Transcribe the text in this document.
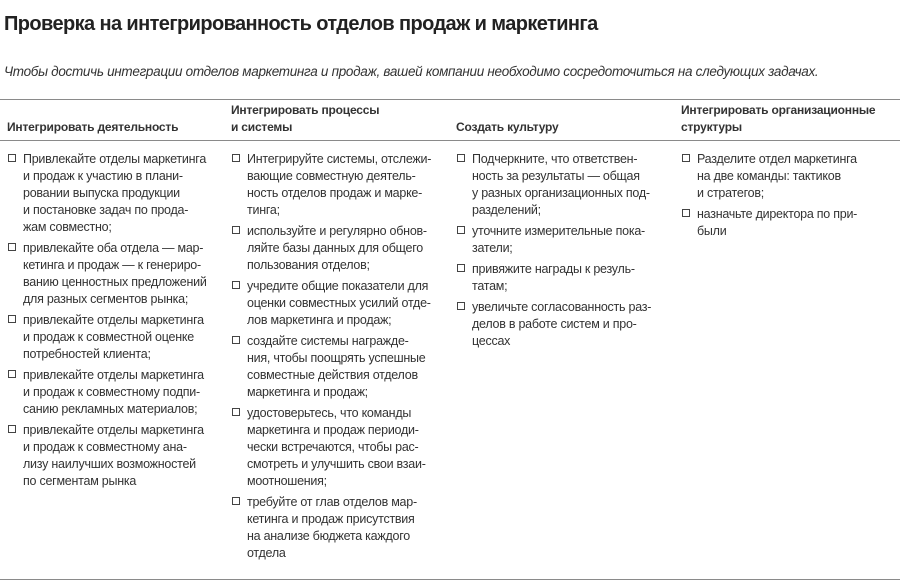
Проверка на интегрированность отделов продаж и маркетинга
Чтобы достичь интеграции отделов маркетинга и продаж, вашей компании необходимо сосредоточиться на следующих задачах.
Интегрировать деятельность
Интегрировать процессы
и системы	Создать культуру
Интегрировать организационные
структуры
Привлекайте отделы маркетинга
и продаж к участию в плани-
ровании выпуска продукции
и постановке задач по прода-
жам совместно;
привлекайте оба отдела — мар-
кетинга и продаж — к генериро-
ванию ценностных предложений
для разных сегментов рынка;
привлекайте отделы маркетинга
и продаж к совместной оценке
потребностей клиента;
привлекайте отделы маркетинга
и продаж к совместному подпи-
санию рекламных материалов;
привлекайте отделы маркетинга
и продаж к совместному ана-
лизу наилучших возможностей
по сегментам рынка
Интегрируйте системы, отслежи-
вающие совместную деятель-
ность отделов продаж и марке-
тинга;
используйте и регулярно обнов-
ляйте базы данных для общего
пользования отделов;
учредите общие показатели для
оценки совместных усилий отде-
лов маркетинга и продаж;
создайте системы награжде-
ния, чтобы поощрять успешные
совместные действия отделов
маркетинга и продаж;
удостоверьтесь, что команды
маркетинга и продаж периоди-
чески встречаются, чтобы рас-
смотреть и улучшить свои взаи-
моотношения;
требуйте от глав отделов мар-
кетинга и продаж присутствия
на анализе бюджета каждого
отдела
Подчеркните, что ответствен-
ность за результаты — общая
у разных организационных под-
разделений;
уточните измерительные пока-
затели;
привяжите награды к резуль-
татам;
увеличьте согласованность раз-
делов в работе систем и про-
цессах
Разделите отдел маркетинга
на две команды: тактиков
и стратегов;
назначьте директора по при-
были
